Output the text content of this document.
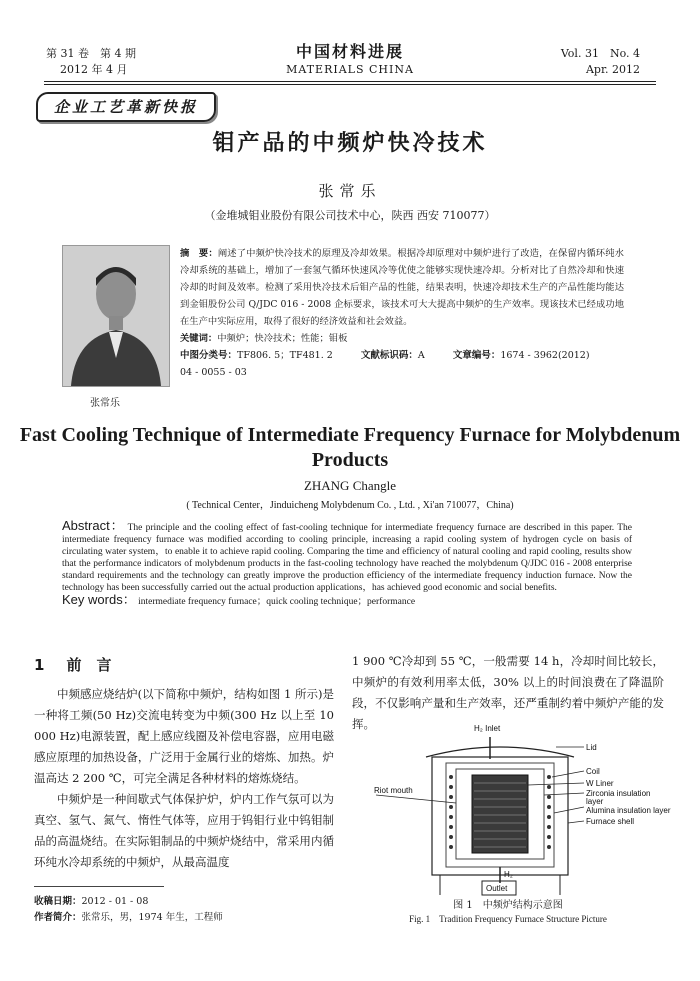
第 31 卷　第 4 期
2012 年 4 月
中国材料进展
MATERIALS CHINA
Vol. 31　No. 4
Apr. 2012
企业工艺革新快报
钼产品的中频炉快冷技术
张常乐
（金堆城钼业股份有限公司技术中心，陕西 西安 710077）
张常乐
摘　要：阐述了中频炉快冷技术的原理及冷却效果。根据冷却原理对中频炉进行了改造，在保留内循环纯水冷却系统的基础上，增加了一套氢气循环快速风冷等优使之能够实现快速冷却。分析对比了自然冷却和快速冷却的时间及效率。检测了采用快冷技术后钼产品的性能，结果表明，快速冷却技术生产的产品性能均能达到金钼股份公司 Q/JDC 016 - 2008 企标要求，该技术可大大提高中频炉的生产效率。现该技术已经成功地在生产中实际应用，取得了很好的经济效益和社会效益。
关键词：中频炉；快冷技术；性能；钼板
中图分类号：TF806. 5；TF481. 2	文献标识码：A	文章编号：1674 - 3962(2012)
04 - 0055 - 03
Fast Cooling Technique of Intermediate Frequency Furnace for Molybdenum Products
ZHANG Changle
( Technical Center，Jinduicheng Molybdenum Co. , Ltd. , Xi'an 710077，China)
Abstract： The principle and the cooling effect of fast-cooling technique for intermediate frequency furnace are described in this paper. The intermediate frequency furnace was modified according to cooling principle, increasing a rapid cooling system of hydrogen cycle on basis of circulating water system，to enable it to achieve rapid cooling. Comparing the time and efficiency of natural cooling and rapid cooling, results show that the performance indicators of molybdenum products in the fast-cooling technology have reached the molybdenum Q/JDC 016 - 2008 enterprise standard requirements and the technology can greatly improve the production efficiency of the intermediate frequency induction furnace. Now the technology has been successfully carried out the actual production applications，has achieved good economic and social benefits.
Key words： intermediate frequency furnace；quick cooling technique；performance
1 前　言

中频感应烧结炉(以下简称中频炉，结构如图 1 所示)是一种将工频(50 Hz)交流电转变为中频(300 Hz 以上至 10 000 Hz)电源装置，配上感应线圈及补偿电容器，应用电磁感应原理的加热设备，广泛用于金属行业的熔炼、加热。炉温高达 2 200 ℃，可完全满足各种材料的熔炼烧结。

中频炉是一种间歇式气体保护炉，炉内工作气氛可以为真空、氢气、氮气、惰性气体等，应用于钨钼行业中钨钼制品的高温烧结。在实际钼制品的中频炉烧结中，常采用内循环纯水冷却系统的中频炉，从最高温度

1 900 ℃冷却到 55 ℃，一般需要 14 h，冷却时间比较长，中频炉的有效利用率太低，30% 以上的时间浪费在了降温阶段，不仅影响产量和生产效率，还严重制约着中频炉产能的发挥。

收稿日期：2012 - 01 - 08
作者简介：张常乐，男，1974 年生，工程师
H₂ Inlet
Lid
Coil
W Liner
Zirconia insulation
layer
Alumina insulation layer
Furnace shell
Riot mouth
H₂
Outlet
图 1　中频炉结构示意图
Fig. 1　Tradition Frequency Furnace Structure Picture
